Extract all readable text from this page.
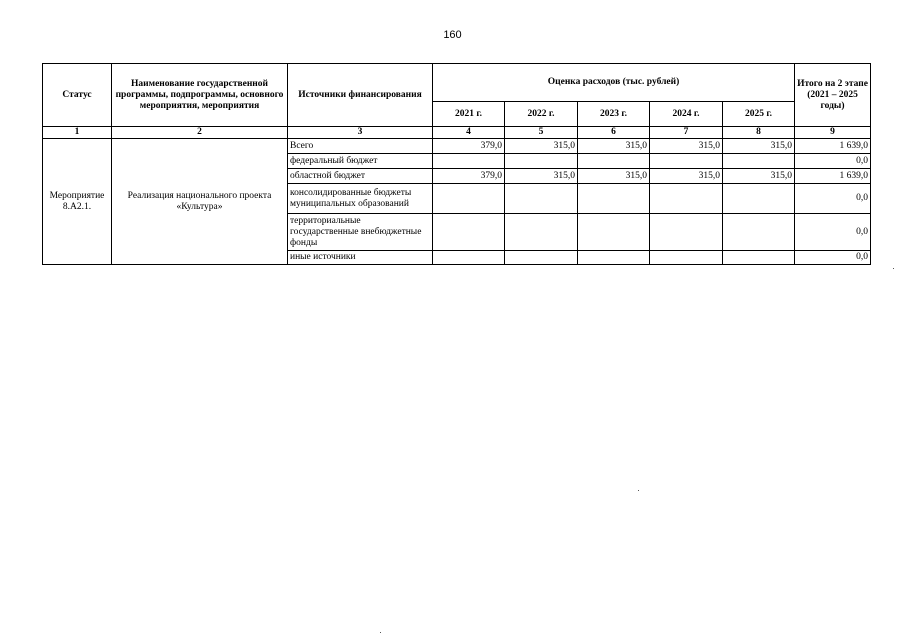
160
Статус	Наименование государственной программы, подпрограммы, основного мероприятия, мероприятия	Источники финансирования	Оценка расходов (тыс. рублей)					Итого на 2 этапе (2021 – 2025 годы)
			2021 г.	2022 г.	2023 г.	2024 г.	2025 г.	
1	2	3	4	5	6	7	8	9
Мероприятие 8.А2.1.	Реализация национального проекта «Культура»	Всего	379,0	315,0	315,0	315,0	315,0	1 639,0
		федеральный бюджет						0,0
		областной бюджет	379,0	315,0	315,0	315,0	315,0	1 639,0
		консолидированные бюджеты муниципальных образований						0,0
		территориальные государственные внебюджетные фонды						0,0
		иные источники						0,0
